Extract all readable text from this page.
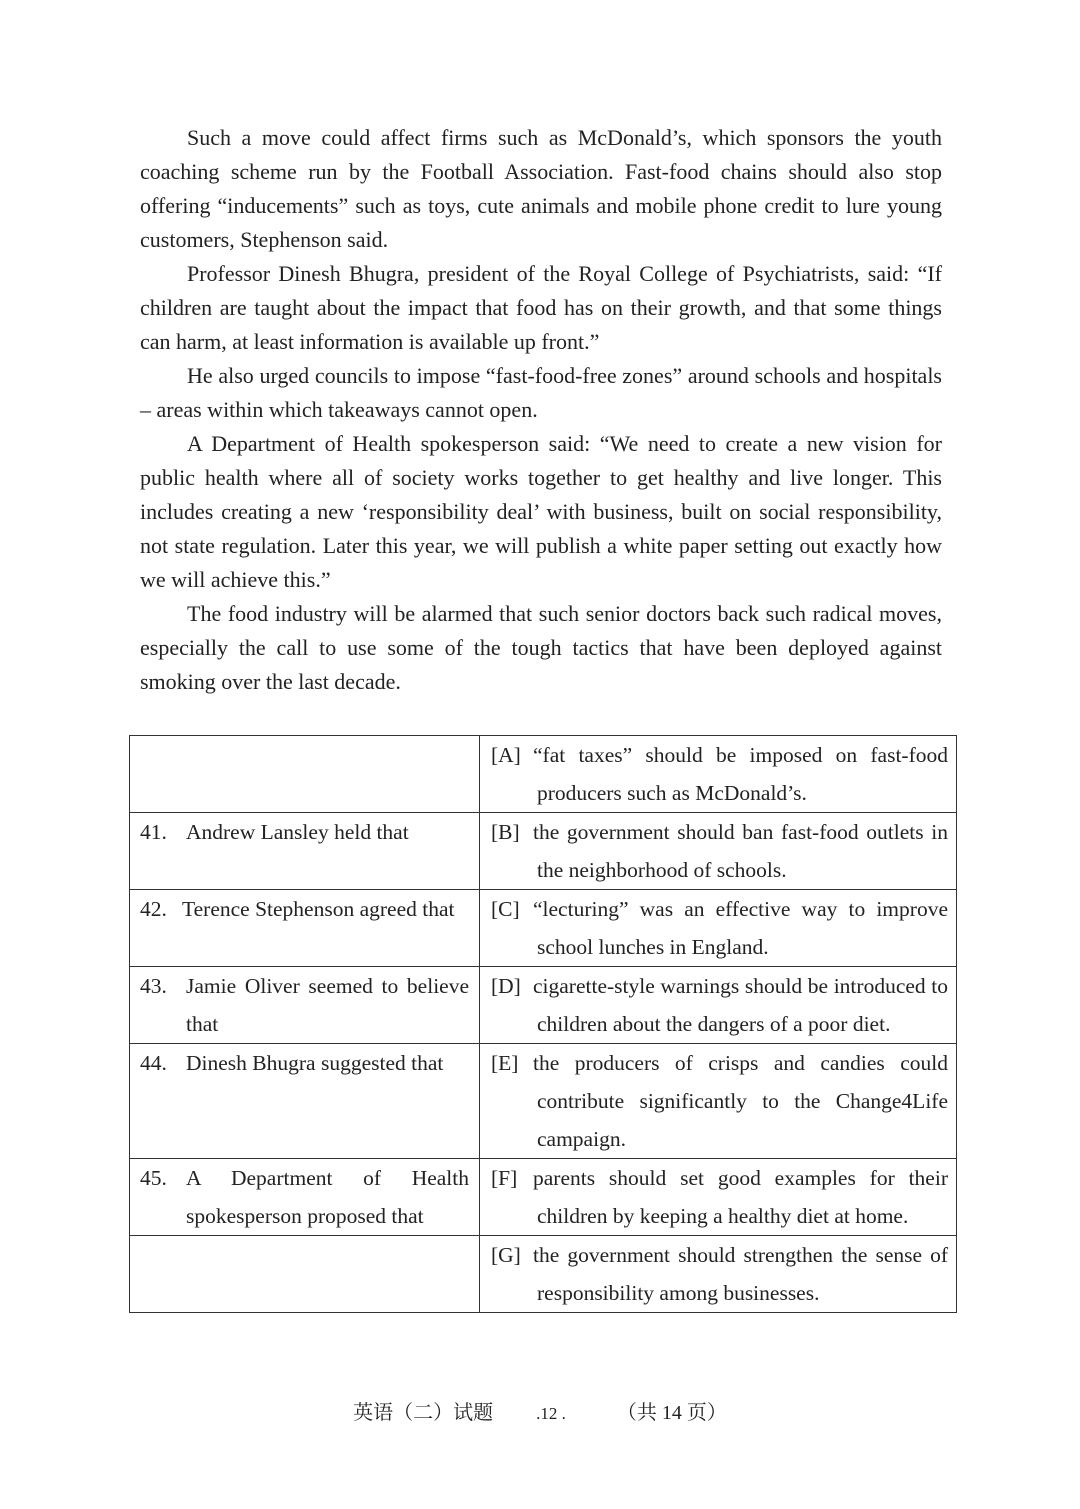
Such a move could affect firms such as McDonald’s, which sponsors the youth coaching scheme run by the Football Association. Fast-food chains should also stop offering “inducements” such as toys, cute animals and mobile phone credit to lure young customers, Stephenson said.

Professor Dinesh Bhugra, president of the Royal College of Psychiatrists, said: “If children are taught about the impact that food has on their growth, and that some things can harm, at least information is available up front.”

He also urged councils to impose “fast-food-free zones” around schools and hospitals – areas within which takeaways cannot open.

A Department of Health spokesperson said: “We need to create a new vision for public health where all of society works together to get healthy and live longer. This includes creating a new ‘responsibility deal’ with business, built on social responsibility, not state regulation. Later this year, we will publish a white paper setting out exactly how we will achieve this.”

The food industry will be alarmed that such senior doctors back such radical moves, especially the call to use some of the tough tactics that have been deployed against smoking over the last decade.

	[A] “fat taxes” should be imposed on fast-food producers such as McDonald’s.

41. Andrew Lansley held that	[B] the government should ban fast-food outlets in the neighborhood of schools.

42. Terence Stephenson agreed that	[C] “lecturing” was an effective way to improve school lunches in England.

43. Jamie Oliver seemed to believe that	[D] cigarette-style warnings should be introduced to children about the dangers of a poor diet.

44. Dinesh Bhugra suggested that	[E] the producers of crisps and candies could contribute significantly to the Change4Life campaign.

45. A Department of Health spokesperson proposed that	[F] parents should set good examples for their children by keeping a healthy diet at home.

	[G] the government should strengthen the sense of responsibility among businesses.
英语（二）试题	.12 .	（共 14 页）
